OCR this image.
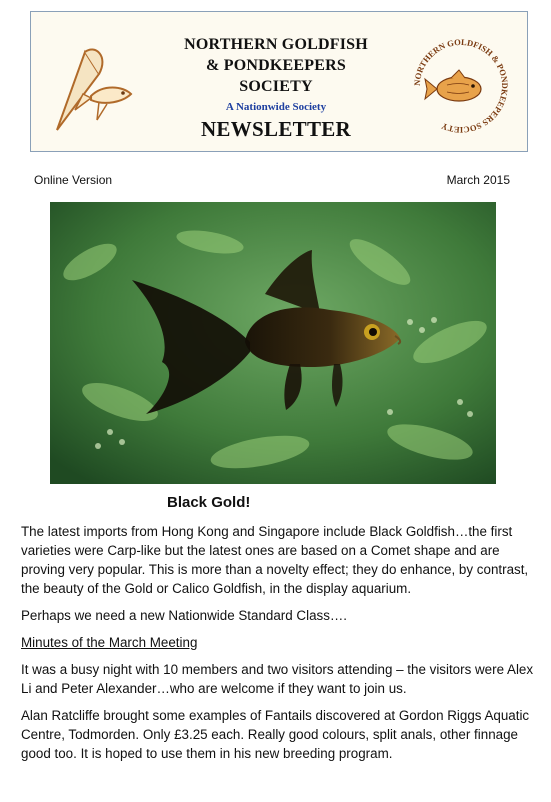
NORTHERN GOLDFISH
& PONDKEEPERS
SOCIETY
A Nationwide Society
NEWSLETTER
NORTHERN GOLDFISH & PONDKEEPERS SOCIETY
Online Version	March 2015
Black Gold!

The latest imports from Hong Kong and Singapore include Black Goldfish…the first varieties were Carp-like but the latest ones are based on a Comet shape and are proving very popular. This is more than a novelty effect; they do enhance, by contrast, the beauty of the Gold or Calico Goldfish, in the display aquarium.

Perhaps we need a new Nationwide Standard Class….

Minutes of the March Meeting

It was a busy night with 10 members and two visitors attending – the visitors were Alex Li and Peter Alexander…who are welcome if they want to join us.

Alan Ratcliffe brought some examples of Fantails discovered at Gordon Riggs Aquatic Centre, Todmorden. Only £3.25 each. Really good colours, split anals, other finnage good too. It is hoped to use them in his new breeding program.
